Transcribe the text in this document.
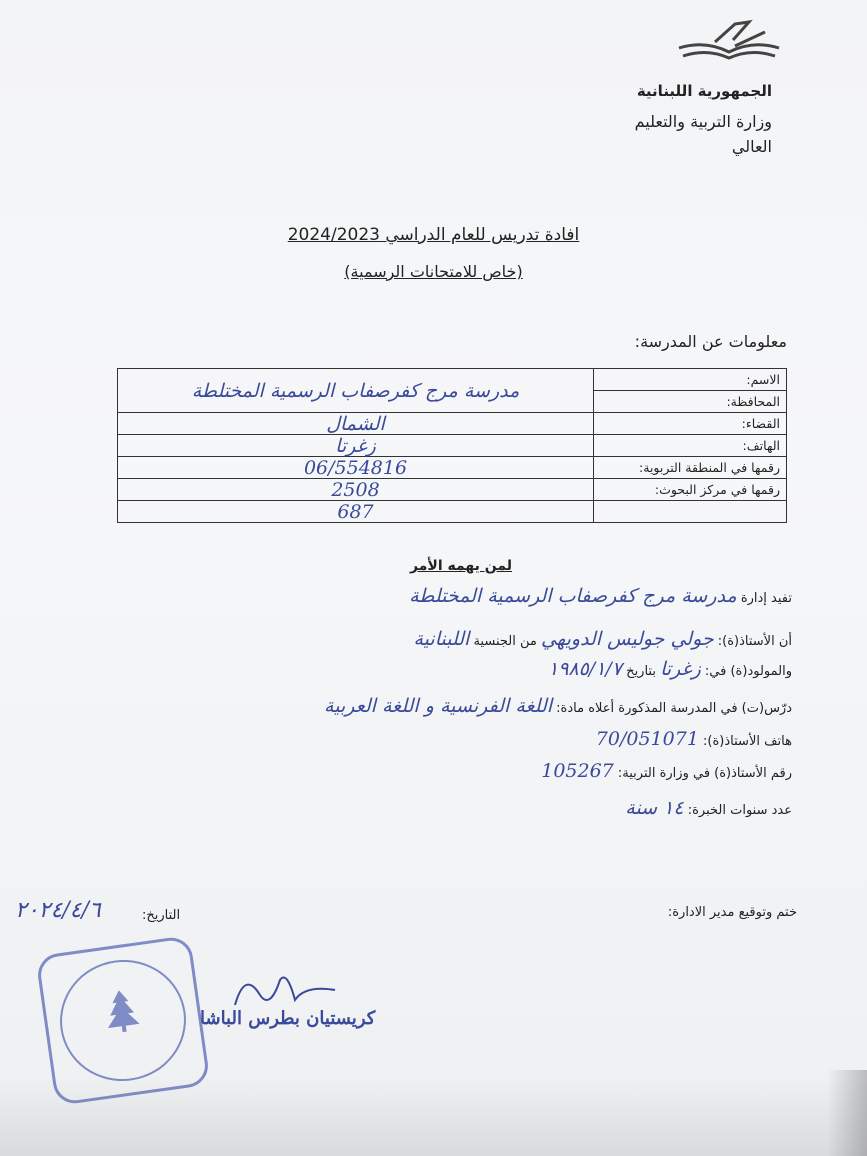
الجمهورية اللبنانية
وزارة التربية والتعليم
العالي
افادة تدريس للعام الدراسي 2024/2023
(خاص للامتحانات الرسمية)
معلومات عن المدرسة:
الاسم:	مدرسة مرج كفرصفاب الرسمية المختلطة
المحافظة:	
القضاء:	الشمال
الهاتف:	زغرتا
رقمها في المنطقة التربوية:	06/554816
رقمها في مركز البحوث:	2508
	687
لمن يهمه الأمر
تفيد إدارة مدرسة مرج كفرصفاب الرسمية المختلطة
أن الأستاذ(ة): جولي جوليس الدويهي من الجنسية اللبنانية
والمولود(ة) في: زغرتا بتاريخ ١٩٨٥/١/٧
درّس(ت) في المدرسة المذكورة أعلاه مادة: اللغة الفرنسية و اللغة العربية
هاتف الأستاذ(ة): 70/051071
رقم الأستاذ(ة) في وزارة التربية: 105267
عدد سنوات الخبرة: ١٤ سنة
ختم وتوقيع مدير الادارة:
التاريخ:
٢٠٢٤/٤/٦
كريستيان بطرس الباشا
